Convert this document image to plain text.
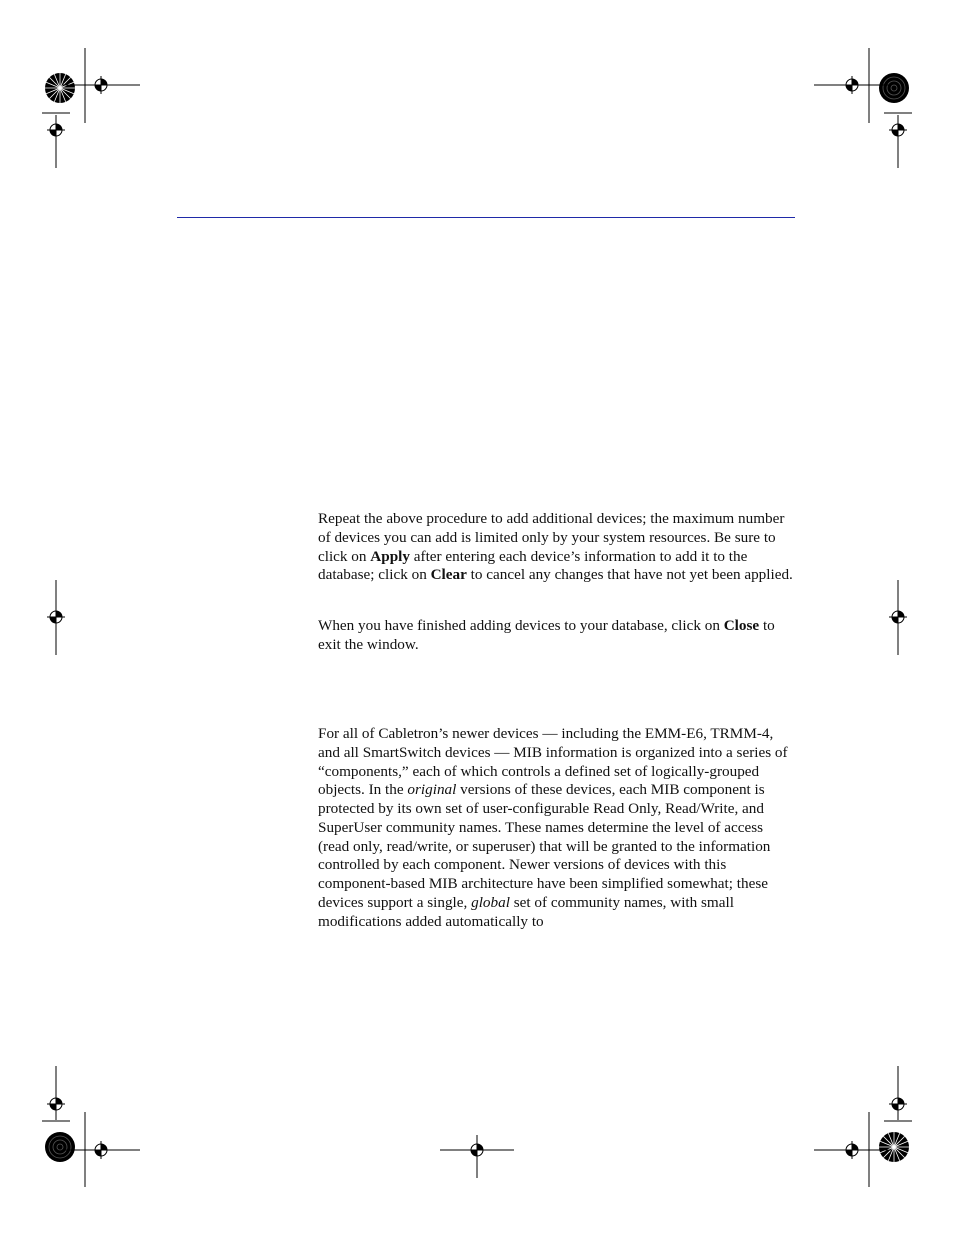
Repeat the above procedure to add additional devices; the maximum number of devices you can add is limited only by your system resources. Be sure to click on Apply after entering each device’s information to add it to the database; click on Clear to cancel any changes that have not yet been applied.

When you have finished adding devices to your database, click on Close to exit the window.

For all of Cabletron’s newer devices — including the EMM-E6, TRMM-4, and all SmartSwitch devices — MIB information is organized into a series of “components,” each of which controls a defined set of logically-grouped objects. In the original versions of these devices, each MIB component is protected by its own set of user-configurable Read Only, Read/Write, and SuperUser community names. These names determine the level of access (read only, read/write, or superuser) that will be granted to the information controlled by each component. Newer versions of devices with this component-based MIB architecture have been simplified somewhat; these devices support a single, global set of community names, with small modifications added automatically to
